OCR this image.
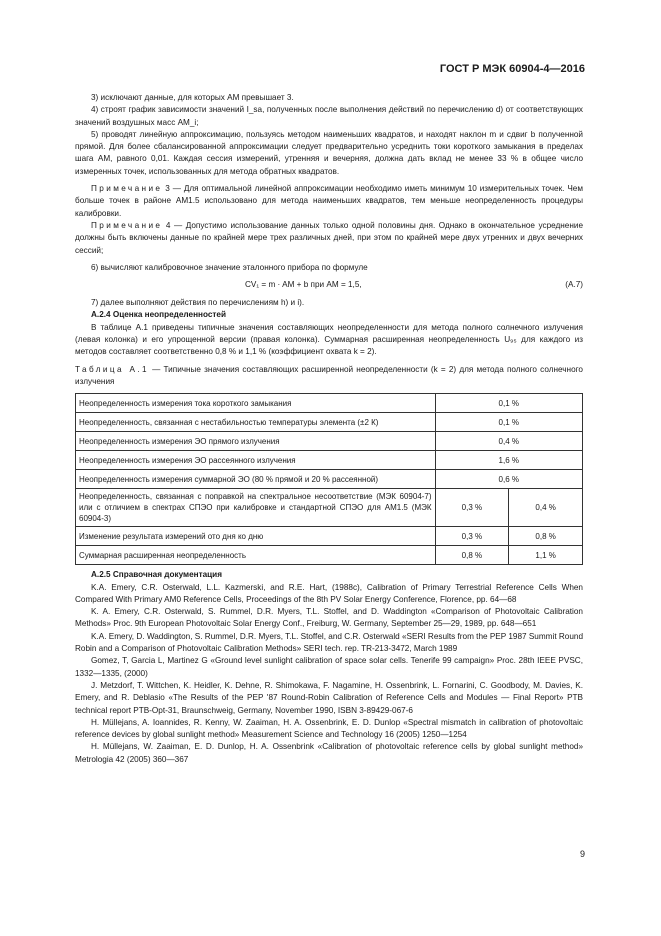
ГОСТ Р МЭК 60904-4—2016

3) исключают данные, для которых АМ превышает 3.

4) строят график зависимости значений I_sa, полученных после выполнения действий по перечислению d) от соответствующих значений воздушных масс AM_i;

5) проводят линейную аппроксимацию, пользуясь методом наименьших квадратов, и находят наклон m и сдвиг b полученной прямой. Для более сбалансированной аппроксимации следует предварительно усреднить токи короткого замыкания в пределах шага АМ, равного 0,01. Каждая сессия измерений, утренняя и вечерняя, должна дать вклад не менее 33 % в общее число измеренных точек, использованных для метода обратных квадратов.

Примечание 3 — Для оптимальной линейной аппроксимации необходимо иметь минимум 10 измерительных точек. Чем больше точек в районе АМ1.5 использовано для метода наименьших квадратов, тем меньше неопределенность процедуры калибровки.

Примечание 4 — Допустимо использование данных только одной половины дня. Однако в окончательное усреднение должны быть включены данные по крайней мере трех различных дней, при этом по крайней мере двух утренних и двух вечерних сессий;

6) вычисляют калибровочное значение эталонного прибора по формуле

CV₁ = m · AM + b при AM = 1,5,	(A.7)

7) далее выполняют действия по перечислениям h) и i).

А.2.4 Оценка неопределенностей

В таблице А.1 приведены типичные значения составляющих неопределенности для метода полного солнечного излучения (левая колонка) и его упрощенной версии (правая колонка). Суммарная расширенная неопределенность U₉₅ для каждого из методов составляет соответственно 0,8 % и 1,1 % (коэффициент охвата k = 2).

Таблица А.1 — Типичные значения составляющих расширенной неопределенности (k = 2) для метода полного солнечного излучения

Неопределенность измерения тока короткого замыкания	0,1 %	
Неопределенность, связанная с нестабильностью температуры элемента (±2 К)	0,1 %	
Неопределенность измерения ЭО прямого излучения	0,4 %	
Неопределенность измерения ЭО рассеянного излучения	1,6 %	
Неопределенность измерения суммарной ЭО (80 % прямой и 20 % рассеянной)	0,6 %	
Неопределенность, связанная с поправкой на спектральное несоответствие (МЭК 60904-7) или с отличием в спектрах СПЭО при калибровке и стандартной СПЭО для АМ1.5 (МЭК 60904-3)	0,3 %	0,4 %
Изменение результата измерений ото дня ко дню	0,3 %	0,8 %
Суммарная расширенная неопределенность	0,8 %	1,1 %

А.2.5 Справочная документация

K.A. Emery, C.R. Osterwald, L.L. Kazmerski, and R.E. Hart, (1988c), Calibration of Primary Terrestrial Reference Cells When Compared With Primary AM0 Reference Cells, Proceedings of the 8th PV Solar Energy Conference, Florence, pp. 64—68

K. A. Emery, C.R. Osterwald, S. Rummel, D.R. Myers, T.L. Stoffel, and D. Waddington «Comparison of Photovoltaic Calibration Methods» Proc. 9th European Photovoltaic Solar Energy Conf., Freiburg, W. Germany, September 25—29, 1989, pp. 648—651

K.A. Emery, D. Waddington, S. Rummel, D.R. Myers, T.L. Stoffel, and C.R. Osterwald «SERI Results from the PEP 1987 Summit Round Robin and a Comparison of Photovoltaic Calibration Methods» SERI tech. rep. TR-213-3472, March 1989

Gomez, T, Garcia L, Martinez G «Ground level sunlight calibration of space solar cells. Tenerife 99 campaign» Proc. 28th IEEE PVSC, 1332—1335, (2000)

J. Metzdorf, T. Wittchen, K. Heidler, K. Dehne, R. Shimokawa, F. Nagamine, H. Ossenbrink, L. Fornarini, C. Goodbody, M. Davies, K. Emery, and R. Deblasio «The Results of the PEP '87 Round-Robin Calibration of Reference Cells and Modules — Final Report» PTB technical report PTB-Opt-31, Braunschweig, Germany, November 1990, ISBN 3-89429-067-6

H. Müllejans, A. Ioannides, R. Kenny, W. Zaaiman, H. A. Ossenbrink, E. D. Dunlop «Spectral mismatch in calibration of photovoltaic reference devices by global sunlight method» Measurement Science and Technology 16 (2005) 1250—1254

H. Müllejans, W. Zaaiman, E. D. Dunlop, H. A. Ossenbrink «Calibration of photovoltaic reference cells by global sunlight method» Metrologia 42 (2005) 360—367

9
